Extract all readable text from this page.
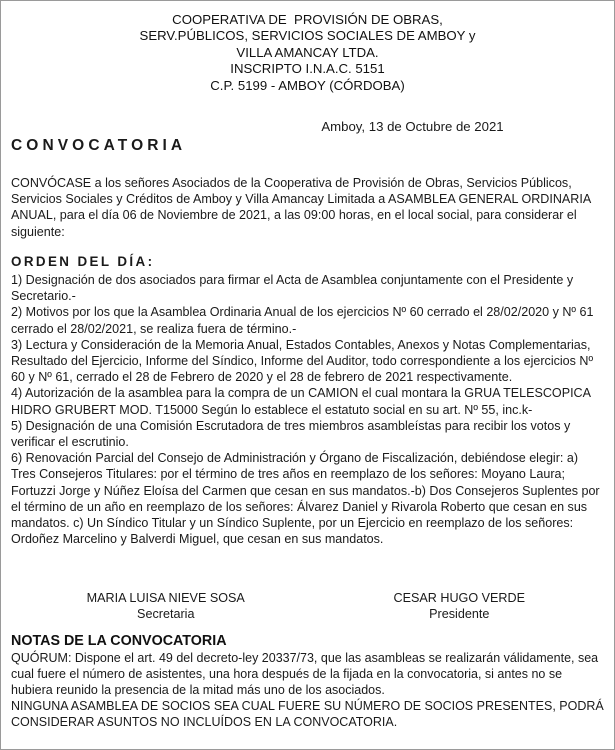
COOPERATIVA DE  PROVISIÓN DE OBRAS,
SERV.PÚBLICOS, SERVICIOS SOCIALES DE AMBOY y
VILLA AMANCAY LTDA.
INSCRIPTO I.N.A.C. 5151
C.P. 5199 - AMBOY (CÓRDOBA)
Amboy, 13 de Octubre de 2021
CONVOCATORIA

CONVÓCASE a los señores Asociados de la Cooperativa de Provisión de Obras, Servicios Públicos, Servicios Sociales y Créditos de Amboy y Villa Amancay Limitada a ASAMBLEA GENERAL ORDINARIA ANUAL, para el día 06 de Noviembre de 2021, a las 09:00 horas, en el local social, para considerar el siguiente:

ORDEN DEL DÍA:

1) Designación de dos asociados para firmar el Acta de Asamblea conjuntamente con el Presidente y Secretario.-

2) Motivos por los que la Asamblea Ordinaria Anual de los ejercicios Nº 60 cerrado el 28/02/2020 y Nº 61 cerrado el 28/02/2021, se realiza fuera de término.-

3) Lectura y Consideración de la Memoria Anual, Estados Contables, Anexos y Notas Complementarias, Resultado del Ejercicio, Informe del Síndico, Informe del Auditor, todo correspondiente a los ejercicios Nº 60 y Nº 61, cerrado el 28 de Febrero de 2020 y el 28 de febrero de 2021 respectivamente.

4) Autorización de la asamblea para la compra de un CAMION el cual montara la GRUA TELESCOPICA HIDRO GRUBERT MOD. T15000 Según lo establece el estatuto social en su art. Nº 55, inc.k-

5) Designación de una Comisión Escrutadora de tres miembros asambleístas para recibir los votos y verificar el escrutinio.

6) Renovación Parcial del Consejo de Administración y Órgano de Fiscalización, debiéndose elegir: a) Tres Consejeros Titulares: por el término de tres años en reemplazo de los señores: Moyano Laura; Fortuzzi Jorge y Núñez Eloísa del Carmen que cesan en sus mandatos.-b) Dos Consejeros Suplentes por el término de un año en reemplazo de los señores: Álvarez Daniel y Rivarola Roberto que cesan en sus mandatos. c) Un Síndico Titular y un Síndico Suplente, por un Ejercicio en reemplazo de los señores: Ordoñez Marcelino y Balverdi Miguel, que cesan en sus mandatos.

MARIA LUISA NIEVE SOSA
Secretaria
CESAR HUGO VERDE
Presidente
NOTAS DE LA CONVOCATORIA

QUÓRUM: Dispone el art. 49 del decreto-ley 20337/73, que las asambleas se realizarán válidamente, sea cual fuere el número de asistentes, una hora después de la fijada en la convocatoria, si antes no se hubiera reunido la presencia de la mitad más uno de los asociados.

NINGUNA ASAMBLEA DE SOCIOS SEA CUAL FUERE SU NÚMERO DE SOCIOS PRESENTES, PODRÁ CONSIDERAR ASUNTOS NO INCLUÍDOS EN LA CONVOCATORIA.
